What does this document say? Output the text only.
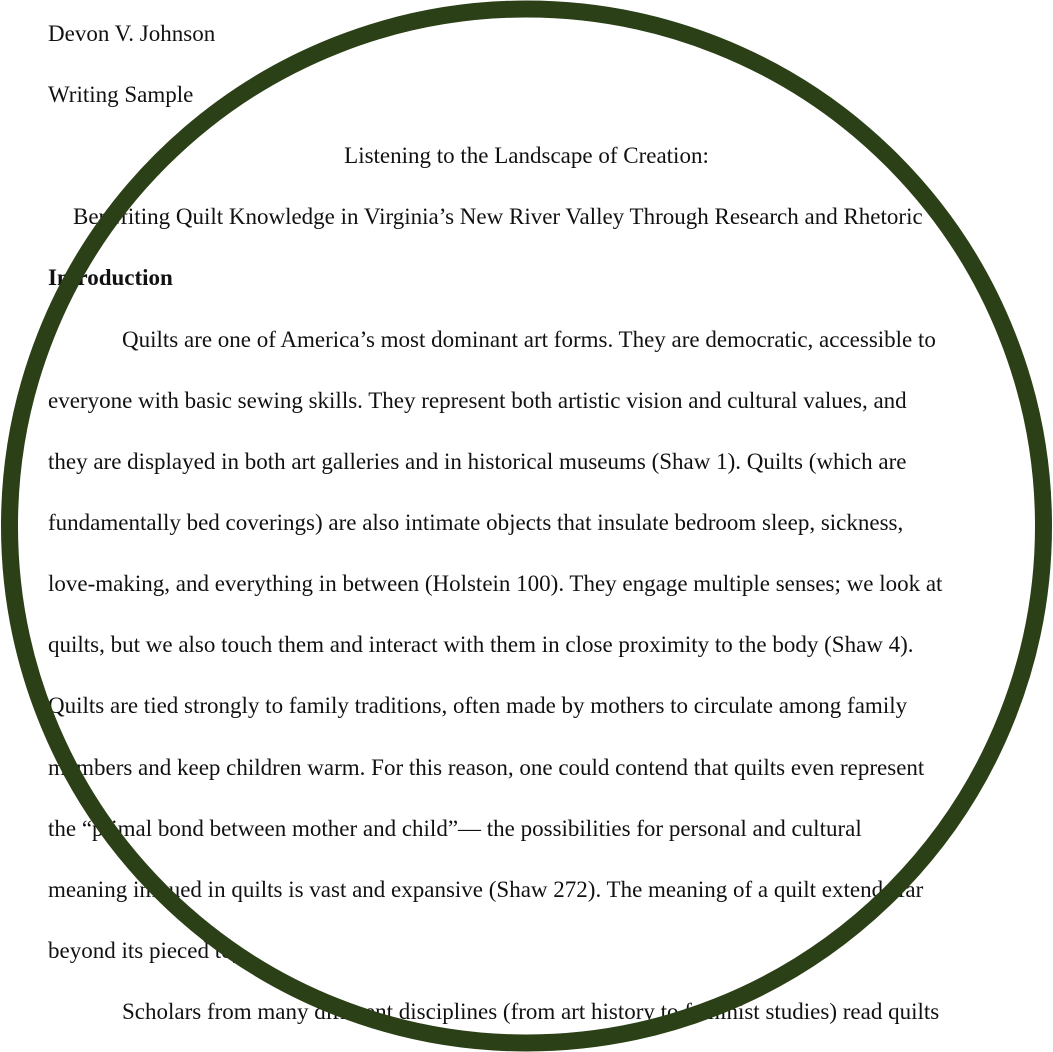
Devon V. Johnson
Writing Sample
Listening to the Landscape of Creation:
Benefiting Quilt Knowledge in Virginia’s New River Valley Through Research and Rhetoric
Introduction
Quilts are one of America’s most dominant art forms. They are democratic, accessible to
everyone with basic sewing skills. They represent both artistic vision and cultural values, and
they are displayed in both art galleries and in historical museums (Shaw 1). Quilts (which are
fundamentally bed coverings) are also intimate objects that insulate bedroom sleep, sickness,
love-making, and everything in between (Holstein 100). They engage multiple senses; we look at
quilts, but we also touch them and interact with them in close proximity to the body (Shaw 4).
Quilts are tied strongly to family traditions, often made by mothers to circulate among family
members and keep children warm. For this reason, one could contend that quilts even represent
the “primal bond between mother and child”— the possibilities for personal and cultural
meaning imbued in quilts is vast and expansive (Shaw 272). The meaning of a quilt extends far
beyond its pieced top.
Scholars from many different disciplines (from art history to feminist studies) read quilts
